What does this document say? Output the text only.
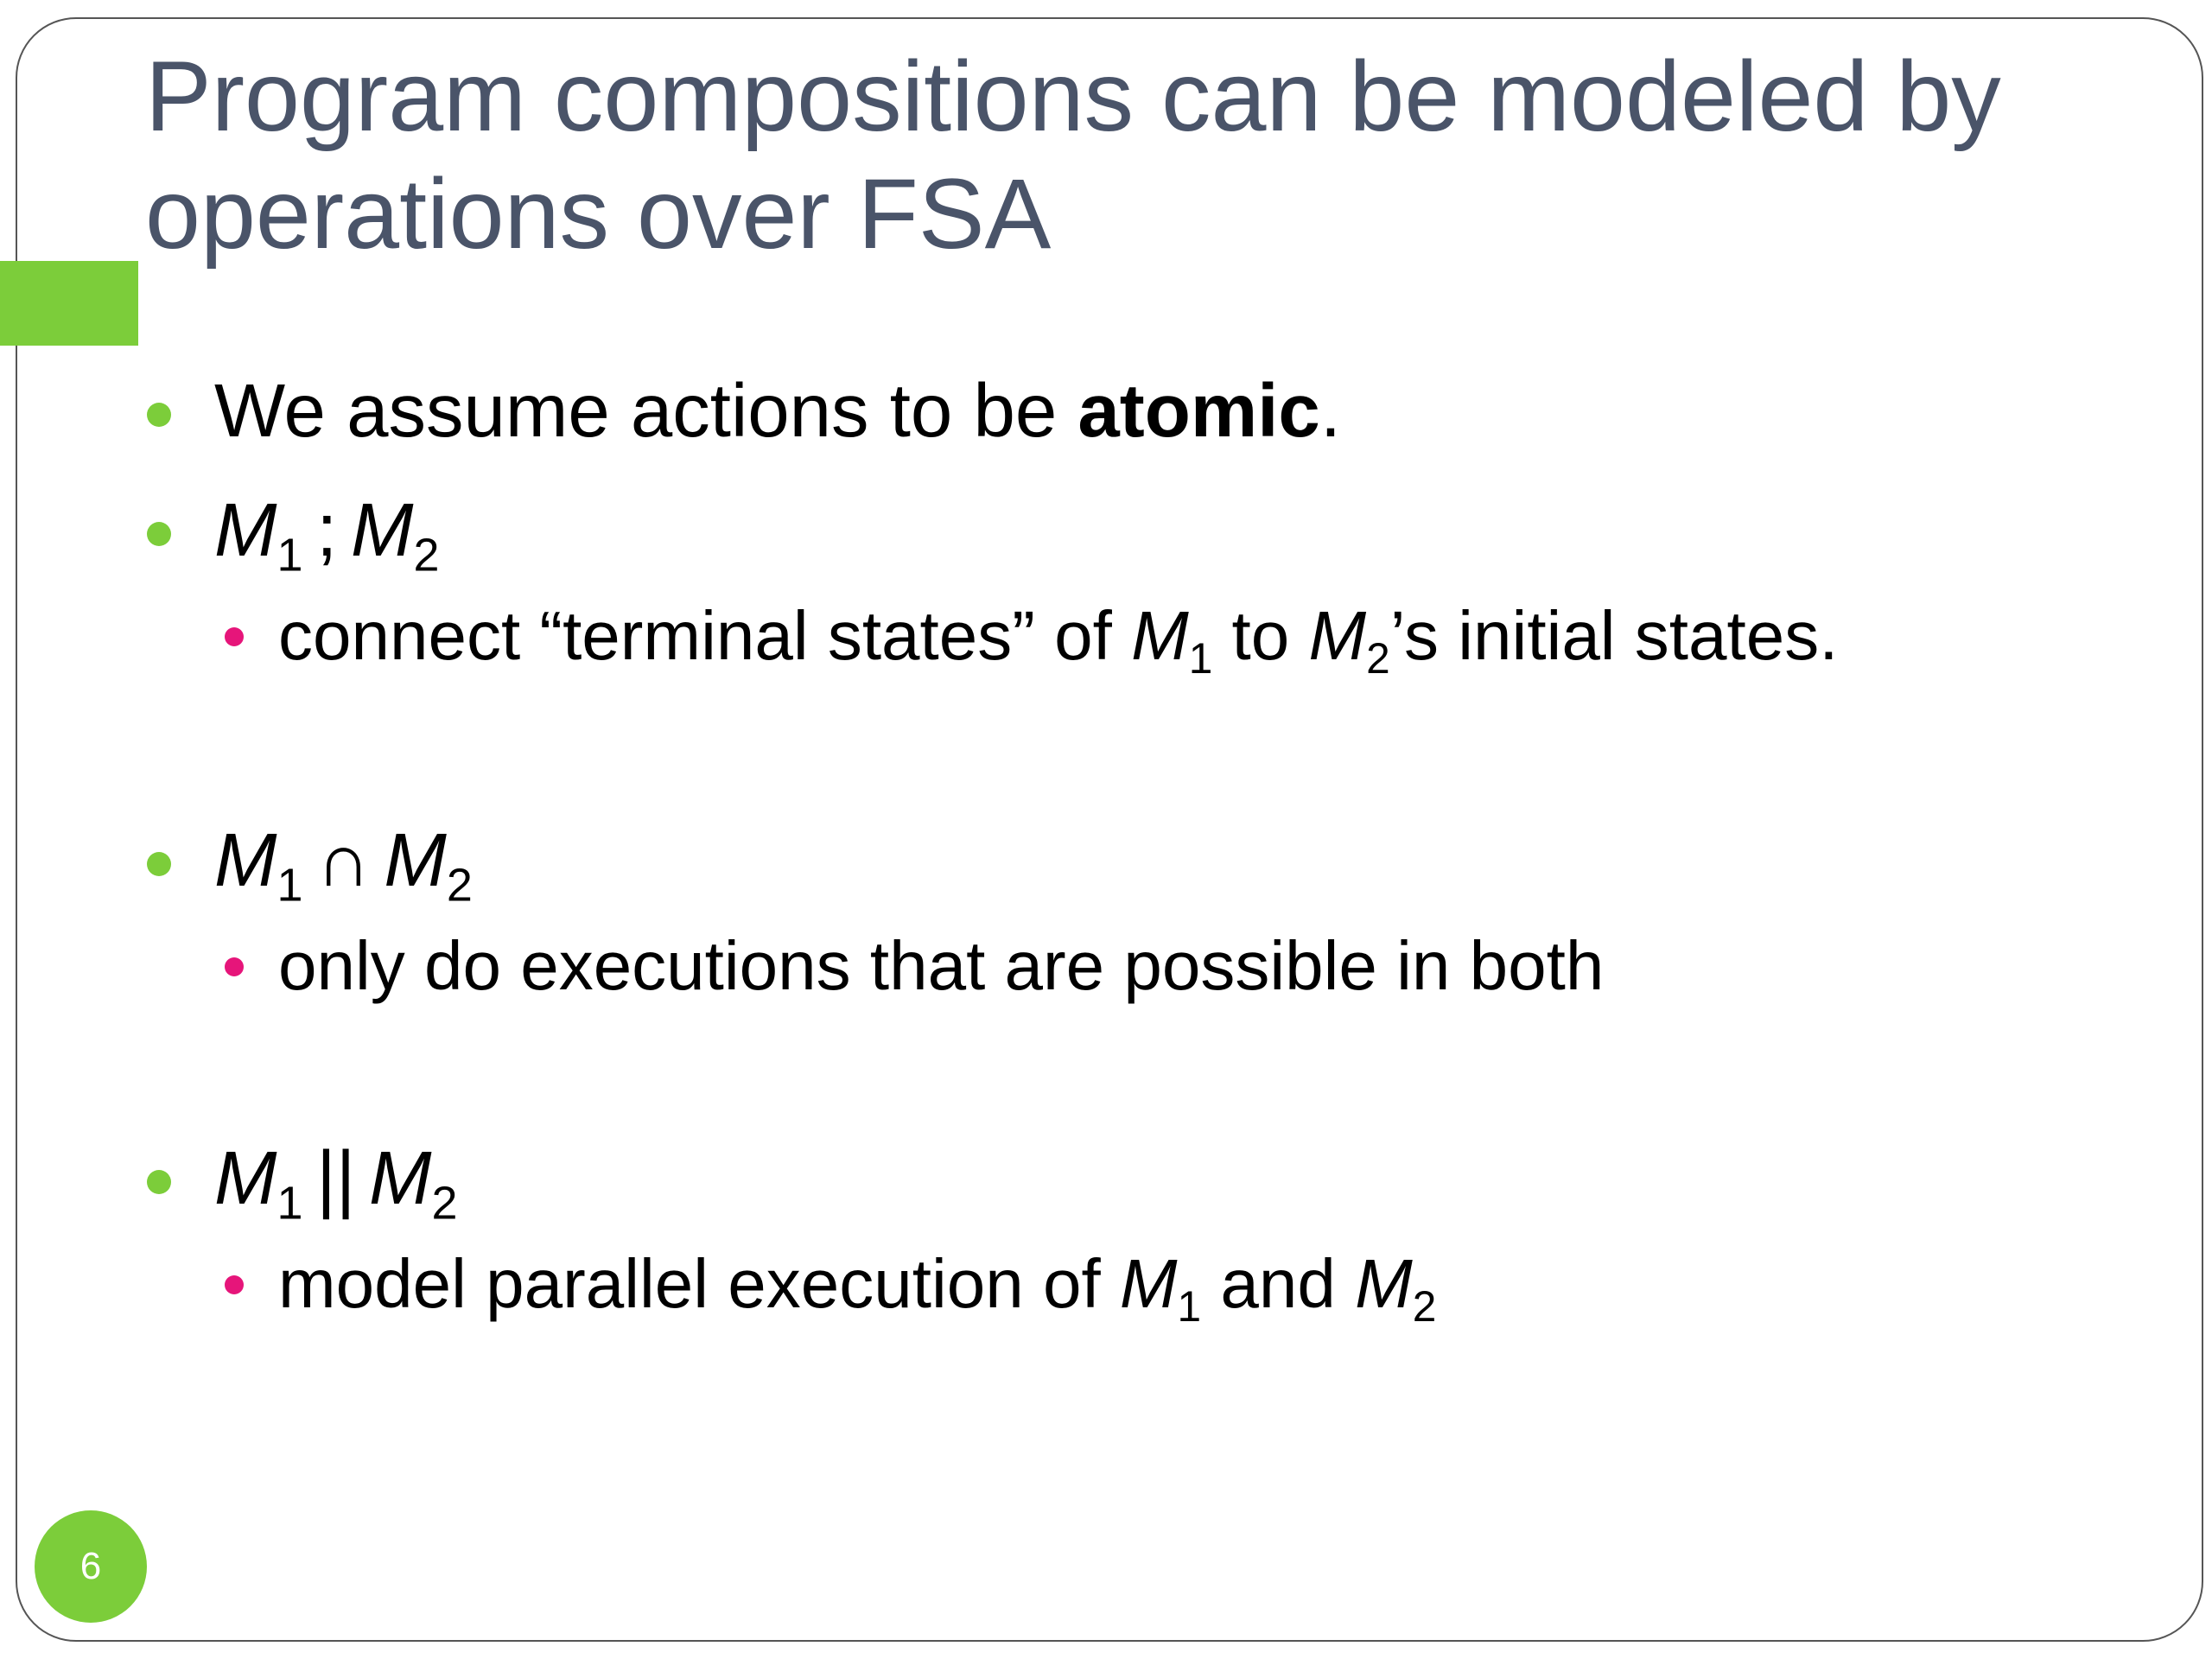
Program compositions can be modeled by operations over FSA
We assume actions to be atomic.
$M_1$ ; $M_2$
connect “terminal states” of $M_1$ to $M_2’s$ initial states.
$M_1$ ∩ $M_2$
only do executions that are possible in both
$M_1$ || $M_2$
model parallel execution of $M_1$ and $M_2$
6
